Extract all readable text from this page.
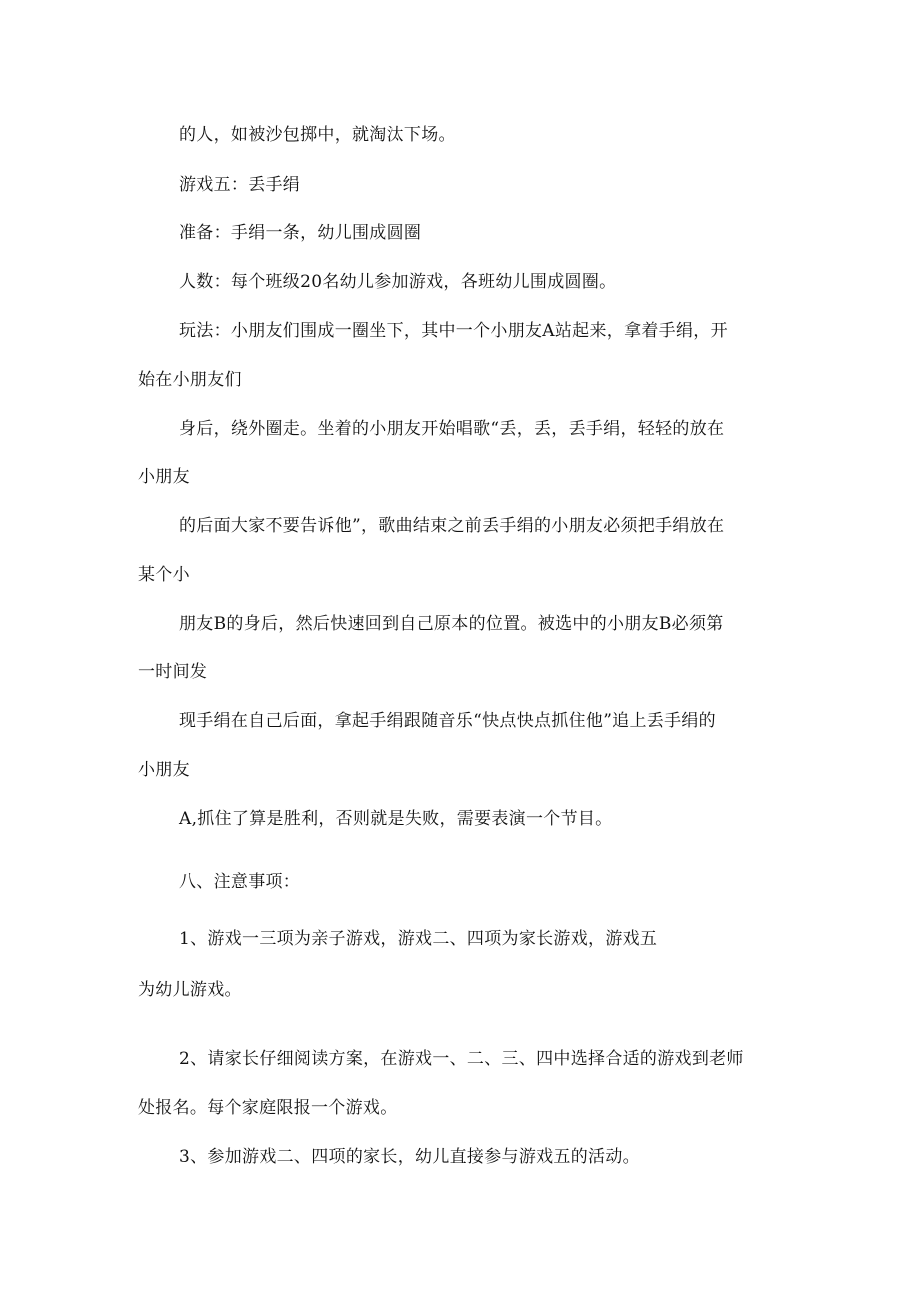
的人，如被沙包掷中，就淘汰下场。
游戏五：丢手绢
准备：手绢一条，幼儿围成圆圈
人数：每个班级20名幼儿参加游戏，各班幼儿围成圆圈。
玩法：小朋友们围成一圈坐下，其中一个小朋友A站起来，拿着手绢，开
始在小朋友们
身后，绕外圈走。坐着的小朋友开始唱歌“丢，丢，丢手绢，轻轻的放在
小朋友
的后面大家不要告诉他”，歌曲结束之前丢手绢的小朋友必须把手绢放在
某个小
朋友B的身后，然后快速回到自己原本的位置。被选中的小朋友B必须第
一时间发
现手绢在自己后面，拿起手绢跟随音乐“快点快点抓住他”追上丢手绢的
小朋友
A,抓住了算是胜利，否则就是失败，需要表演一个节目。
八、注意事项：
1、游戏一三项为亲子游戏，游戏二、四项为家长游戏，游戏五
为幼儿游戏。
2、请家长仔细阅读方案，在游戏一、二、三、四中选择合适的游戏到老师
处报名。每个家庭限报一个游戏。
3、参加游戏二、四项的家长，幼儿直接参与游戏五的活动。
